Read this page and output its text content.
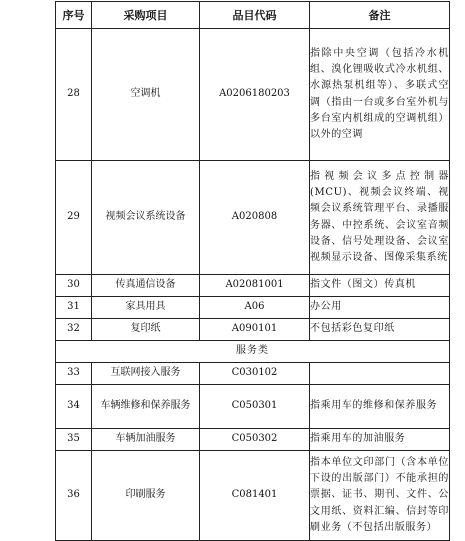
序号	采购项目	品目代码	备注
28	空调机	A0206180203	指除中央空调（包括冷水机组、溴化锂吸收式冷水机组、水源热泵机组等）、多联式空调（指由一台或多台室外机与多台室内机组成的空调机组）以外的空调
29	视频会议系统设备	A020808	指视频会议多点控制器(MCU)、视频会议终端、视频会议系统管理平台、录播服务器、中控系统、会议室音频设备、信号处理设备、会议室视频显示设备、图像采集系统
30	传真通信设备	A02081001	指文件（图文）传真机
31	家具用具	A06	办公用
32	复印纸	A090101	不包括彩色复印纸
服务类			
33	互联网接入服务	C030102	
34	车辆维修和保养服务	C050301	指乘用车的维修和保养服务
35	车辆加油服务	C050302	指乘用车的加油服务
36	印刷服务	C081401	指本单位文印部门（含本单位下设的出版部门）不能承担的票据、证书、期刊、文件、公文用纸、资料汇编、信封等印刷业务（不包括出版服务）
